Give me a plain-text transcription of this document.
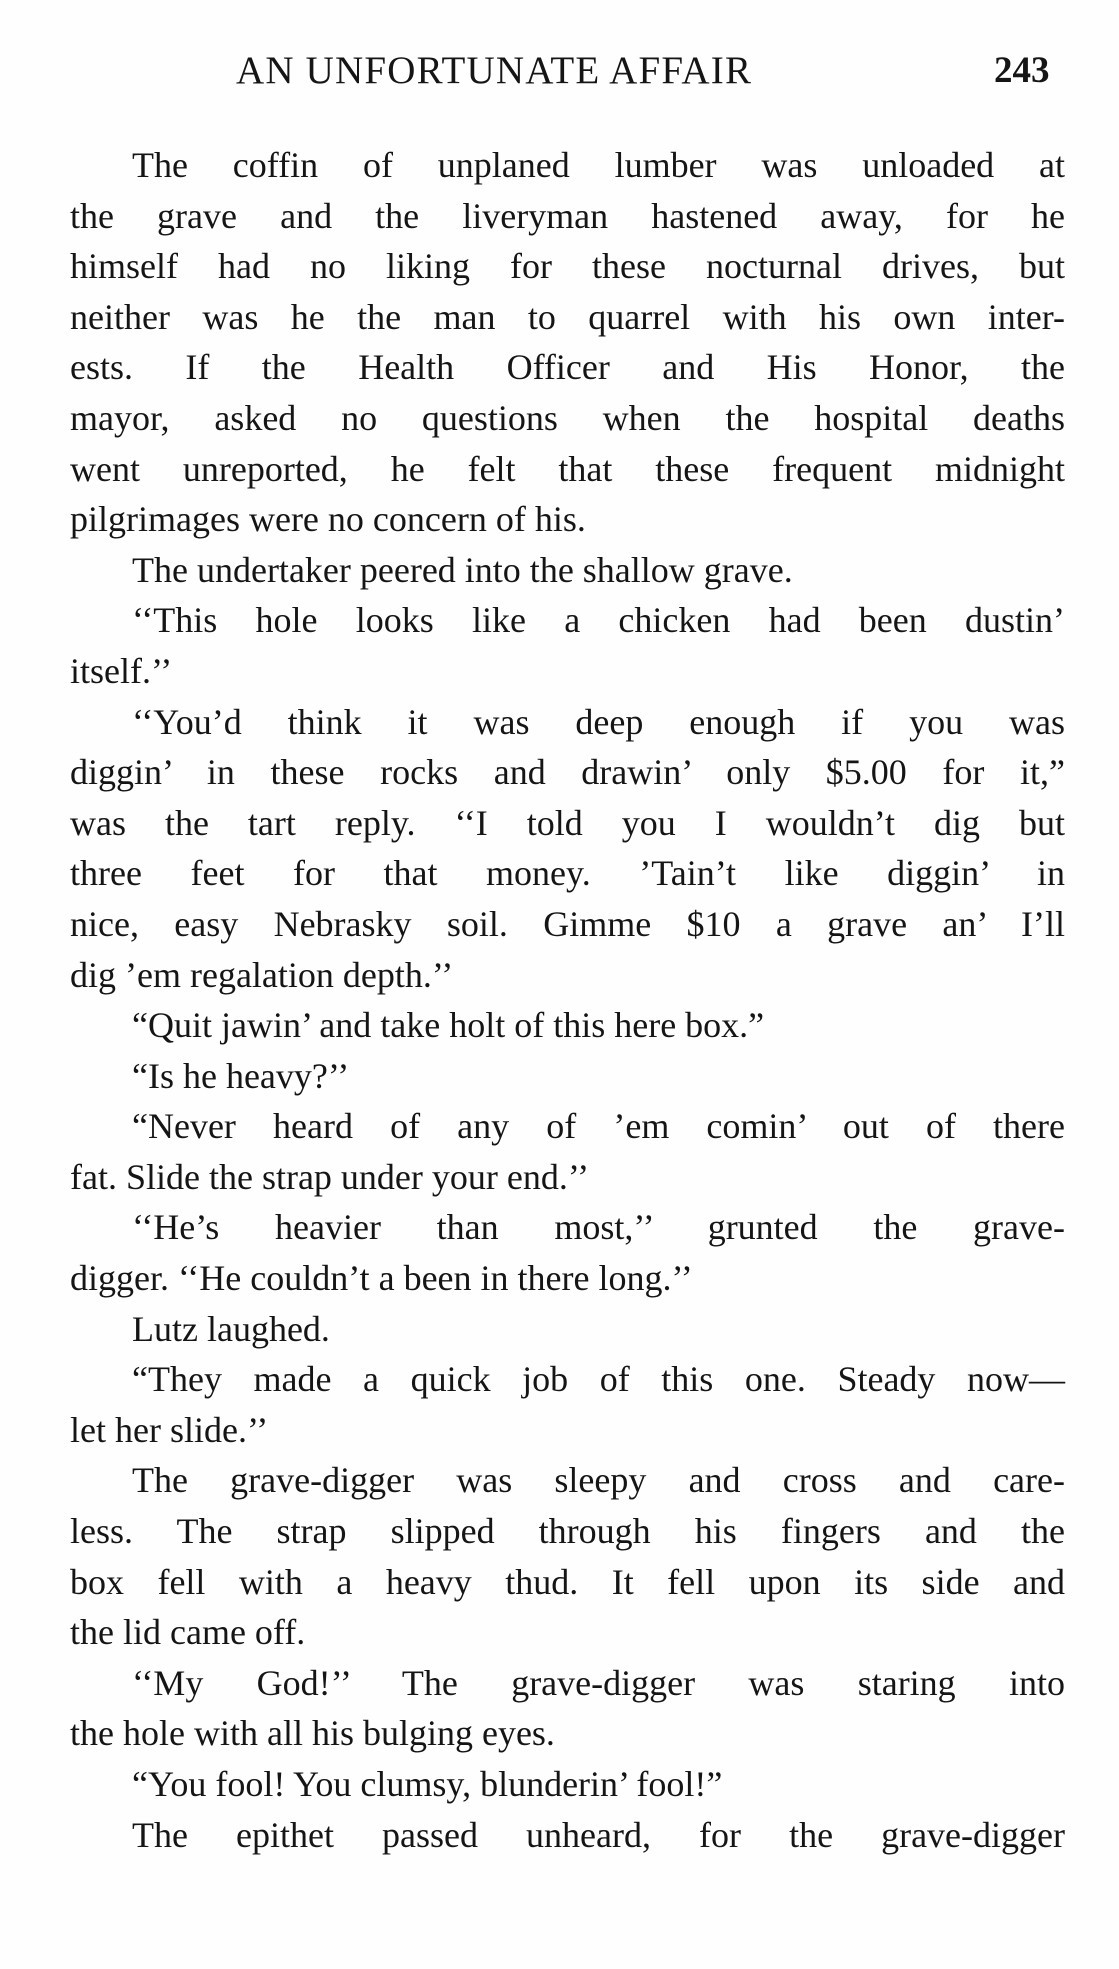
AN UNFORTUNATE AFFAIR	243
The coffin of unplaned lumber was unloaded at
the grave and the liveryman hastened away, for he
himself had no liking for these nocturnal drives, but
neither was he the man to quarrel with his own inter-
ests. If the Health Officer and His Honor, the
mayor, asked no questions when the hospital deaths
went unreported, he felt that these frequent midnight
pilgrimages were no concern of his.
The undertaker peered into the shallow grave.
‘‘This hole looks like a chicken had been dustin’
itself.’’
‘‘You’d think it was deep enough if you was
diggin’ in these rocks and drawin’ only $5.00 for it,”
was the tart reply. ‘‘I told you I wouldn’t dig but
three feet for that money. ’Tain’t like diggin’ in
nice, easy Nebrasky soil. Gimme $10 a grave an’ I’ll
dig ’em regalation depth.’’
“Quit jawin’ and take holt of this here box.”
“Is he heavy?’’
“Never heard of any of ’em comin’ out of there
fat. Slide the strap under your end.’’
‘‘He’s heavier than most,’’ grunted the grave-
digger. ‘‘He couldn’t a been in there long.’’
Lutz laughed.
“They made a quick job of this one. Steady now—
let her slide.’’
The grave-digger was sleepy and cross and care-
less. The strap slipped through his fingers and the
box fell with a heavy thud. It fell upon its side and
the lid came off.
‘‘My God!’’ The grave-digger was staring into
the hole with all his bulging eyes.
“You fool! You clumsy, blunderin’ fool!”
The epithet passed unheard, for the grave-digger
